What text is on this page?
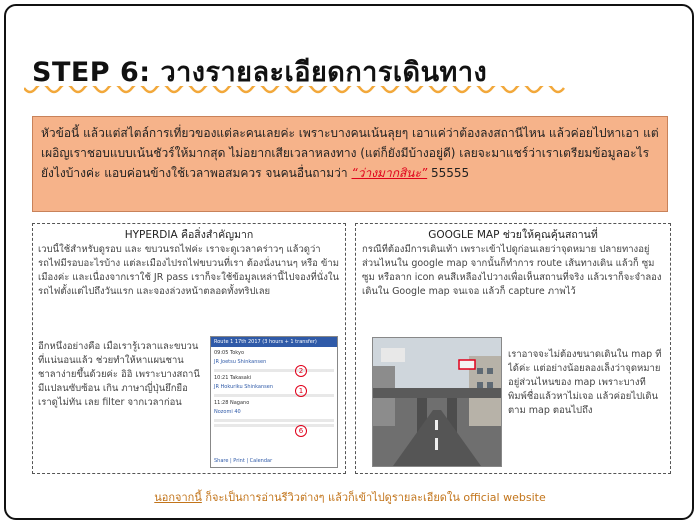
STEP 6: วางรายละเอียดการเดินทาง
หัวข้อนี้ แล้วแต่สไตล์การเที่ยวของแต่ละคนเลยค่ะ เพราะบางคนเน้นลุยๆ เอาแค่ว่าต้องลงสถานีไหน แล้วค่อยไปหาเอา แต่เผอิญเราชอบแบบเน้นชัวร์ให้มากสุด ไม่อยากเสียเวลาหลงทาง (แต่ก็ยังมีบ้างอยู่ดี) เลยจะมาแชร์ว่าเราเตรียมข้อมูลอะไรยังไงบ้างค่ะ แอบค่อนข้างใช้เวลาพอสมควร จนคนอื่นถามว่า “ว่างมากสินะ” 55555
HYPERDIA คือสิ่งสำคัญมาก
เวบนี้ใช้สำหรับดูรอบ และ ขบวนรถไฟค่ะ เราจะดูเวลาคร่าวๆ แล้วดูว่ารถไฟมีรอบอะไรบ้าง แต่ละเมืองไปรถไฟขบวนที่เรา ต้องนั่งนานๆ หรือ ข้ามเมืองค่ะ และเนื่องจากเราใช้ JR pass เราก็จะใช้ข้อมูลเหล่านี้ไปจองที่นั่งในรถไฟตั้งแต่ไปถึงวันแรก และจองล่วงหน้าตลอดทั้งทริปเลย
อีกหนึ่งอย่างคือ เมื่อเรารู้เวลาและขบวนที่แน่นอนแล้ว ช่วยทำให้หาแผนชานชาลาง่ายขึ้นด้วยค่ะ อิอิ เพราะบางสถานีมีแปลนซับซ้อน เกิน ภาษาญี่ปุ่นยึกยือ เราดูไม่ทัน เลย filter จากเวลาก่อน
Route 1 17th 2017 (3 hours + 1 transfer)
09:05 Tokyo
JR Joetsu Shinkansen
10:21 Takasaki
JR Hokuriku Shinkansen
11:28 Nagano
Nozomi 40
Share | Print | Calendar
2
1
6
GOOGLE MAP ช่วยให้คุณคุ้นสถานที่
กรณีที่ต้องมีการเดินเท้า เพราะเข้าไปดูก่อนเลยว่าจุดหมาย ปลายทางอยู่ส่วนไหนใน google map จากนั้นก็ทำการ route เส้นทางเดิน แล้วก็ ซูม ซูม หรือลาก icon คนสีเหลืองไปวางเพื่อเห็นสถานที่จริง แล้วเราก็จะจำลองเดินใน Google map จนเจอ แล้วก็ capture ภาพไว้
เราอาจจะไม่ต้องขนาดเดินใน map ที่ได้ค่ะ แต่อย่างน้อยลองเล็งว่าจุดหมายอยู่ส่วนไหนของ map เพราะบางทีพิมพ์ชื่อแล้วหาไม่เจอ แล้วค่อยไปเดินตาม map ตอนไปถึง
นอกจากนี้ ก็จะเป็นการอ่านรีวิวต่างๆ แล้วก็เข้าไปดูรายละเอียดใน official website
